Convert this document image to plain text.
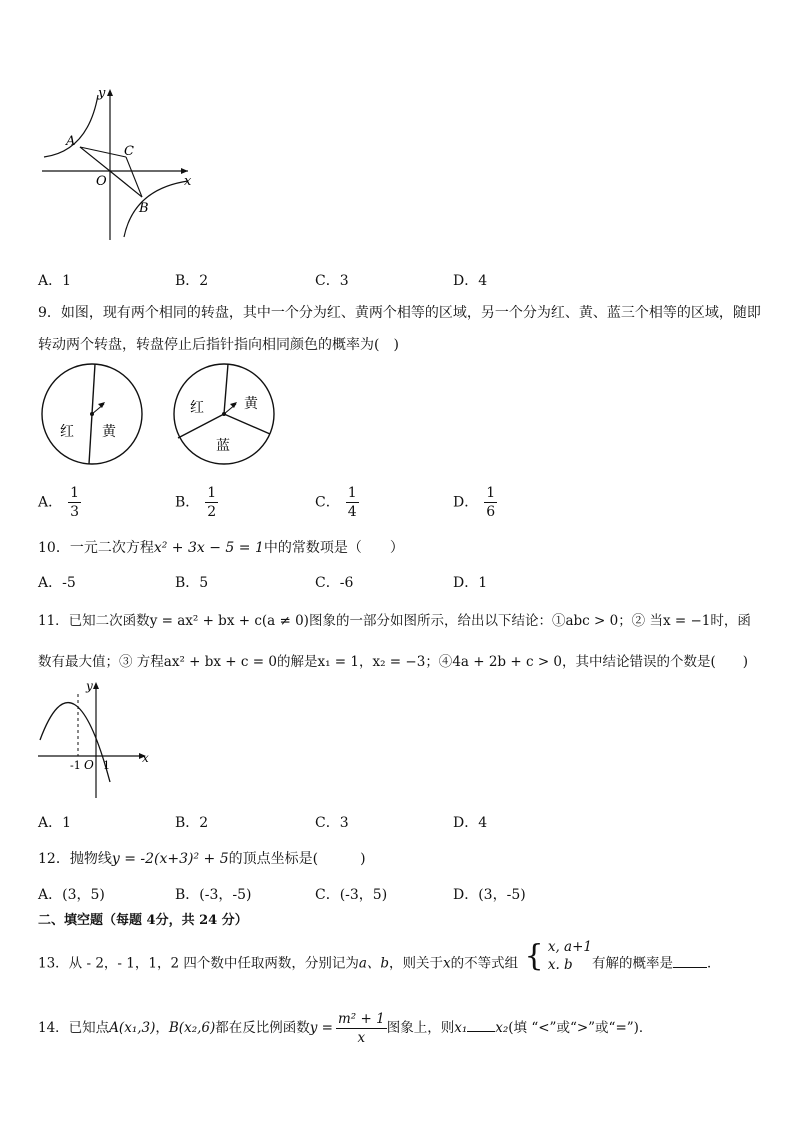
y
x
O
A
C
B
A．1	B．2	C．3	D．4
9．如图，现有两个相同的转盘，其中一个分为红、黄两个相等的区域，另一个分为红、黄、蓝三个相等的区域，随即
转动两个转盘，转盘停止后指针指向相同颜色的概率为(　)
红 黄
红	黄
蓝
A． $\frac{1}{3}$	B． $\frac{1}{2}$	C． $\frac{1}{4}$	D． $\frac{1}{6}$
10．一元二次方程x² + 3x − 5 = 1中的常数项是（　　）
A．-5	B．5	C．-6	D．1
11．已知二次函数y = ax² + bx + c(a ≠ 0)图象的一部分如图所示，给出以下结论：①abc > 0；② 当x = −1时，函
数有最大值；③ 方程ax² + bx + c = 0的解是x₁ = 1，x₂ = −3；④4a + 2b + c > 0，其中结论错误的个数是(　　)
y
x
O
-1 1
A．1	B．2	C．3	D．4
12．抛物线y = -2(x+3)² + 5的顶点坐标是(　　　)
A．(3，5)	B．(-3，-5)	C．(-3，5)	D．(3，-5)
二、填空题（每题 4分，共 24 分）
13．从 - 2，- 1，1，2 四个数中任取两数，分别记为a、b，则关于x的不等式组 { x, a+1
x. b	有解的概率是	．
14．已知点A(x₁,3)，B(x₂,6)都在反比例函数$y = \frac{\text{m² + 1}}{x}$ 图象上，则x₁ x₂(填 “<”或“>”或“=”)．
